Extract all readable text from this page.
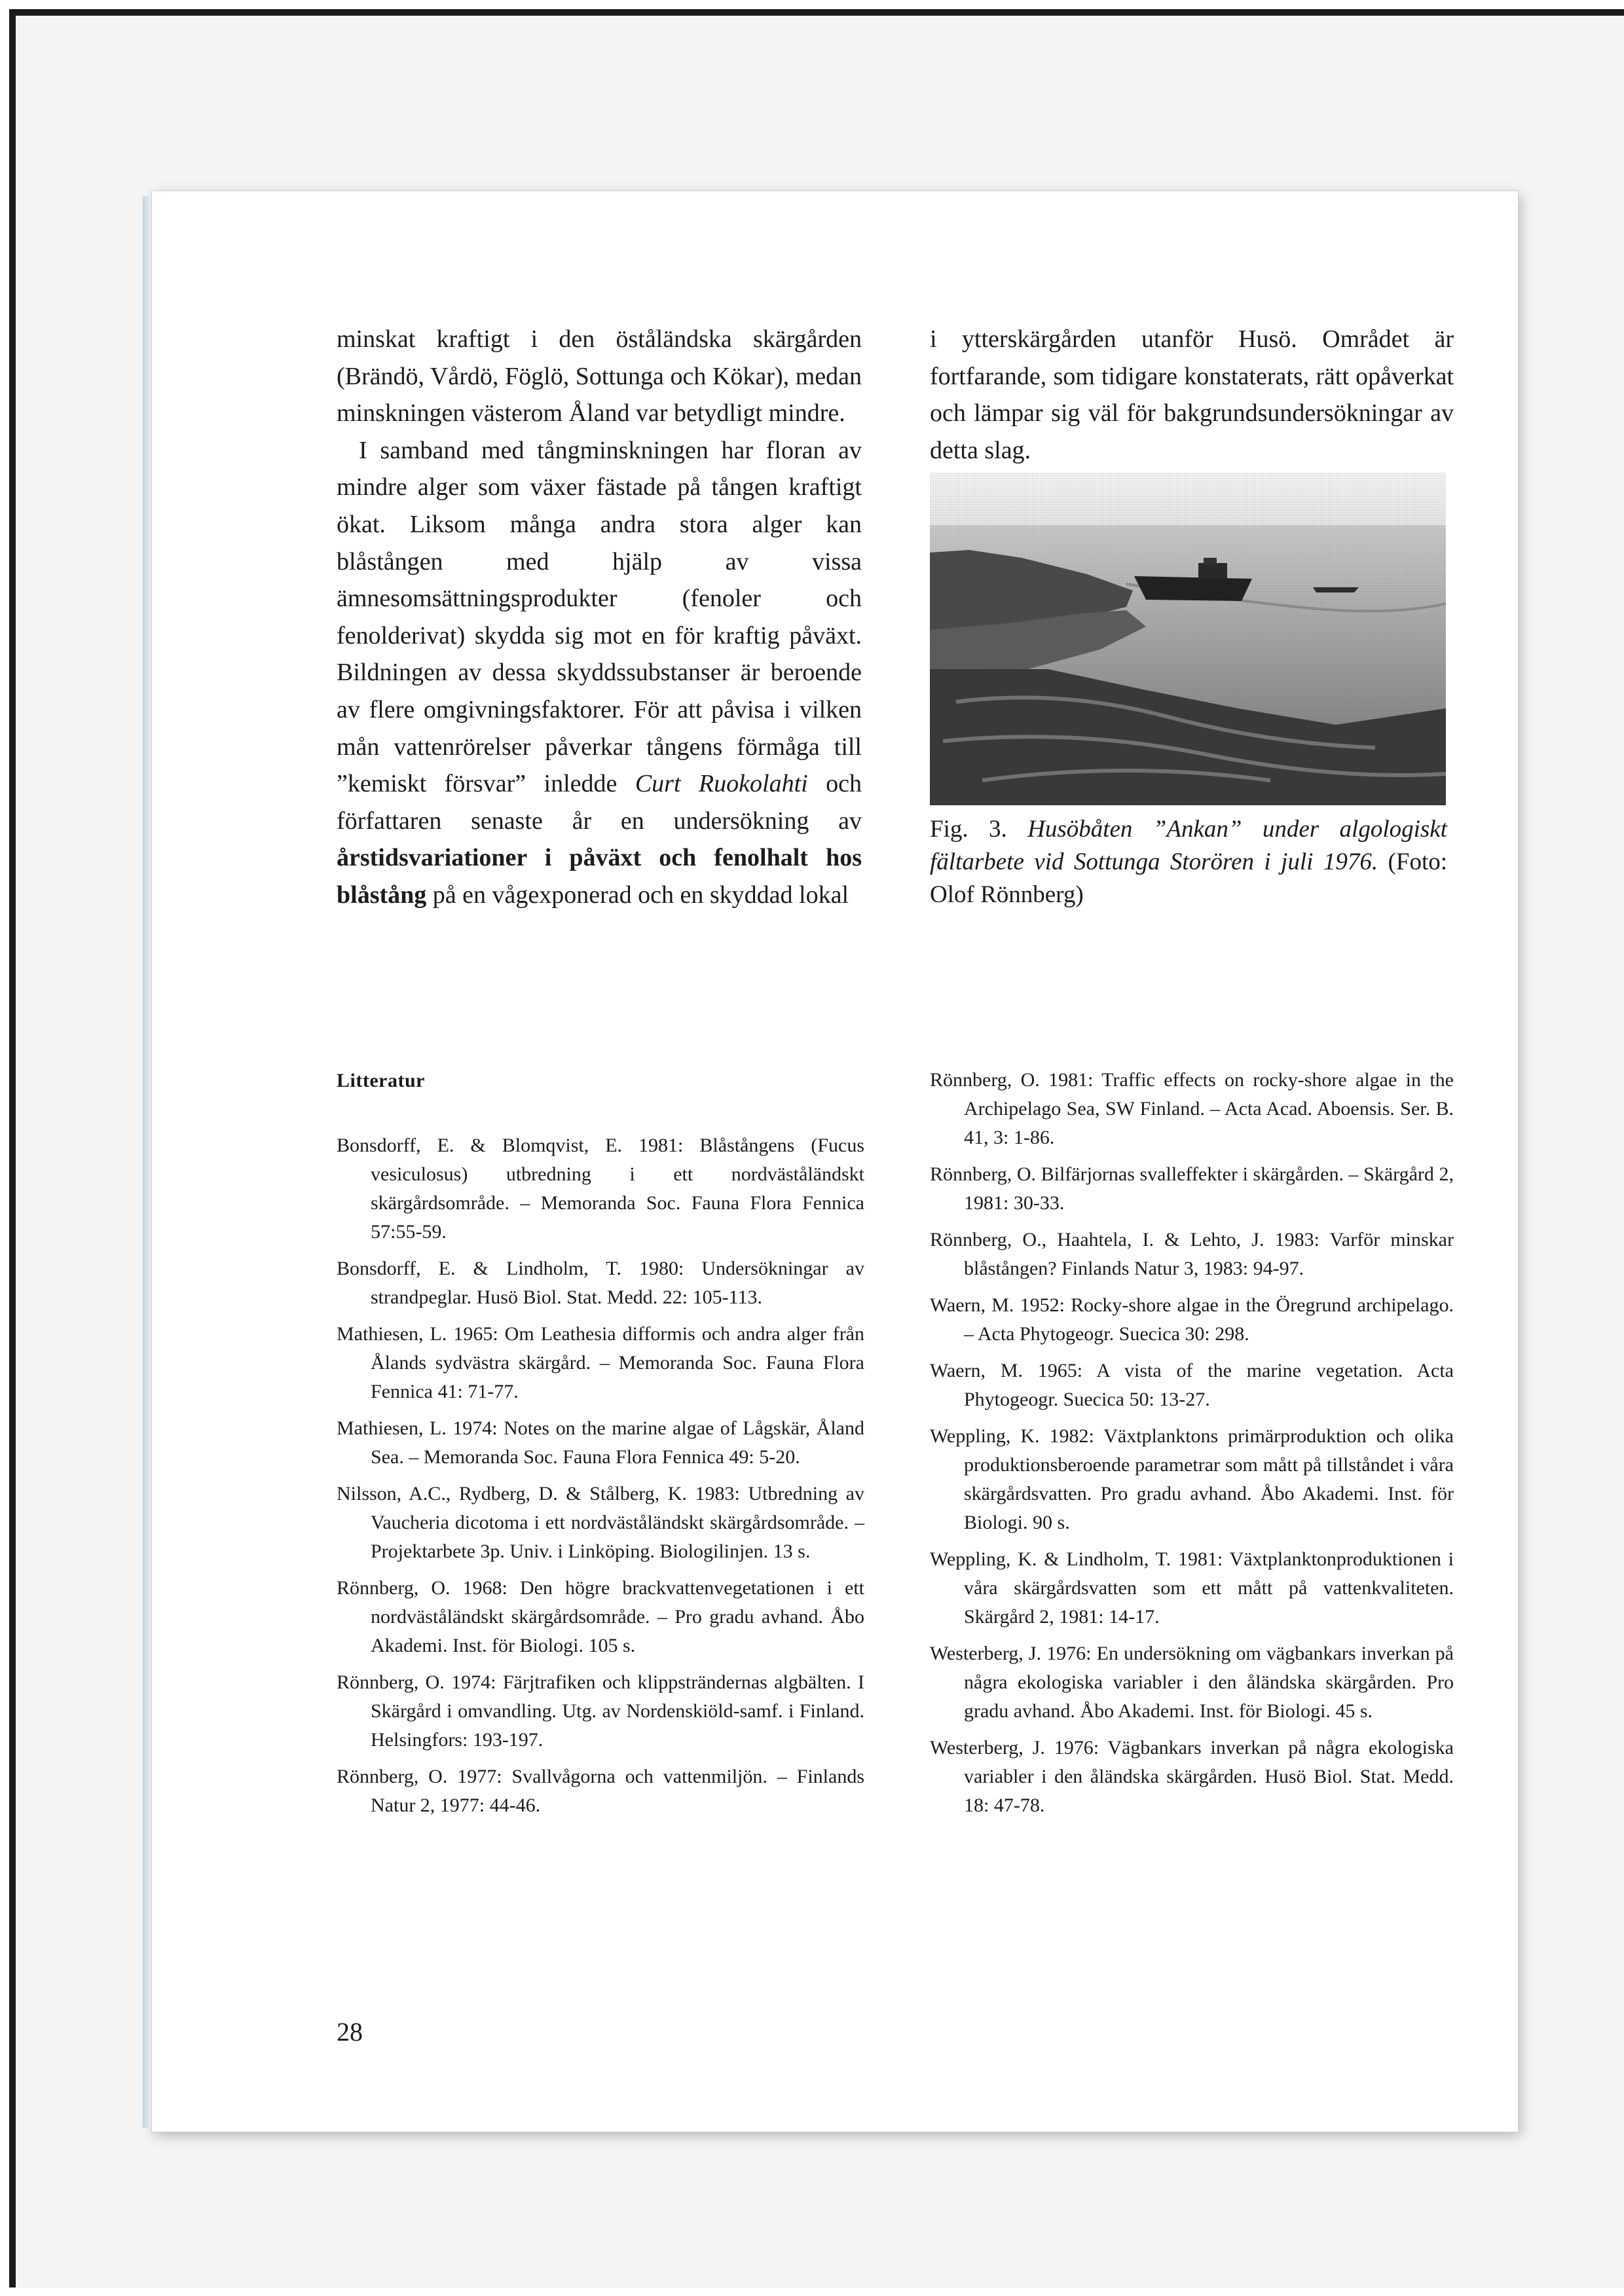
minskat kraftigt i den öståländska skärgården (Brändö, Vårdö, Föglö, Sottunga och Kökar), medan minskningen västerom Åland var betydligt mindre.

I samband med tångminskningen har floran av mindre alger som växer fästade på tången kraftigt ökat. Liksom många andra stora alger kan blåstången med hjälp av vissa ämnesomsättningsprodukter (fenoler och fenolderivat) skydda sig mot en för kraftig påväxt. Bildningen av dessa skyddssubstanser är beroende av flere omgivningsfaktorer. För att påvisa i vilken mån vattenrörelser påverkar tångens förmåga till ”kemiskt försvar” inledde Curt Ruokolahti och författaren senaste år en undersökning av årstidsvariationer i påväxt och fenolhalt hos blåstång på en vågexponerad och en skyddad lokal

i ytterskärgården utanför Husö. Området är fortfarande, som tidigare konstaterats, rätt opåverkat och lämpar sig väl för bakgrundsundersökningar av detta slag.

Fig. 3. Husöbåten ”Ankan” under algologiskt fältarbete vid Sottunga Storören i juli 1976. (Foto: Olof Rönnberg)
Litteratur
Bonsdorff, E. & Blomqvist, E. 1981: Blåstångens (Fucus vesiculosus) utbredning i ett nordväståländskt skärgårdsområde. – Memoranda Soc. Fauna Flora Fennica 57:55-59.
Bonsdorff, E. & Lindholm, T. 1980: Undersökningar av strandpeglar. Husö Biol. Stat. Medd. 22: 105-113.
Mathiesen, L. 1965: Om Leathesia difformis och andra alger från Ålands sydvästra skärgård. – Memoranda Soc. Fauna Flora Fennica 41: 71-77.
Mathiesen, L. 1974: Notes on the marine algae of Lågskär, Åland Sea. – Memoranda Soc. Fauna Flora Fennica 49: 5-20.
Nilsson, A.C., Rydberg, D. & Stålberg, K. 1983: Utbredning av Vaucheria dicotoma i ett nordväståländskt skärgårdsområde. – Projektarbete 3p. Univ. i Linköping. Biologilinjen. 13 s.
Rönnberg, O. 1968: Den högre brackvattenvegetationen i ett nordväståländskt skärgårdsområde. – Pro gradu avhand. Åbo Akademi. Inst. för Biologi. 105 s.
Rönnberg, O. 1974: Färjtrafiken och klippsträndernas algbälten. I Skärgård i omvandling. Utg. av Nordenskiöld-samf. i Finland. Helsingfors: 193-197.
Rönnberg, O. 1977: Svallvågorna och vattenmiljön. – Finlands Natur 2, 1977: 44-46.
Rönnberg, O. 1981: Traffic effects on rocky-shore algae in the Archipelago Sea, SW Finland. – Acta Acad. Aboensis. Ser. B. 41, 3: 1-86.
Rönnberg, O. Bilfärjornas svalleffekter i skärgården. – Skärgård 2, 1981: 30-33.
Rönnberg, O., Haahtela, I. & Lehto, J. 1983: Varför minskar blåstången? Finlands Natur 3, 1983: 94-97.
Waern, M. 1952: Rocky-shore algae in the Öregrund archipelago. – Acta Phytogeogr. Suecica 30: 298.
Waern, M. 1965: A vista of the marine vegetation. Acta Phytogeogr. Suecica 50: 13-27.
Weppling, K. 1982: Växtplanktons primärproduktion och olika produktionsberoende parametrar som mått på tillståndet i våra skärgårdsvatten. Pro gradu avhand. Åbo Akademi. Inst. för Biologi. 90 s.
Weppling, K. & Lindholm, T. 1981: Växtplanktonproduktionen i våra skärgårdsvatten som ett mått på vattenkvaliteten. Skärgård 2, 1981: 14-17.
Westerberg, J. 1976: En undersökning om vägbankars inverkan på några ekologiska variabler i den åländska skärgården. Pro gradu avhand. Åbo Akademi. Inst. för Biologi. 45 s.
Westerberg, J. 1976: Vägbankars inverkan på några ekologiska variabler i den åländska skärgården. Husö Biol. Stat. Medd. 18: 47-78.
28
